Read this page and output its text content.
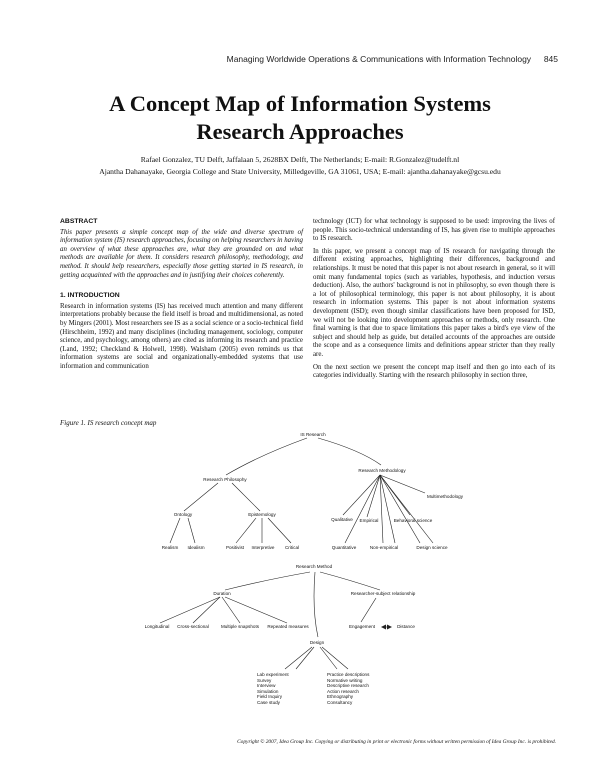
Managing Worldwide Operations & Communications with Information Technology 845
A Concept Map of Information Systems
Research Approaches
Rafael Gonzalez, TU Delft, Jaffalaan 5, 2628BX Delft, The Netherlands; E-mail: R.Gonzalez@tudelft.nl
Ajantha Dahanayake, Georgia College and State University, Milledgeville, GA 31061, USA; E-mail: ajantha.dahanayake@gcsu.edu
ABSTRACT

This paper presents a simple concept map of the wide and diverse spectrum of information system (IS) research approaches, focusing on helping researchers in having an overview of what these approaches are, what they are grounded on and what methods are available for them. It considers research philosophy, methodology, and method. It should help researchers, especially those getting started in IS research, in getting acquainted with the approaches and in justifying their choices coherently.

1. INTRODUCTION

Research in information systems (IS) has received much attention and many different interpretations probably because the field itself is broad and multidimensional, as noted by Mingers (2001). Most researchers see IS as a social science or a socio-technical field (Hirschheim, 1992) and many disciplines (including management, sociology, computer science, and psychology, among others) are cited as informing its research and practice (Land, 1992; Checkland & Holwell, 1998). Walsham (2005) even reminds us that information systems are social and organizationally-embedded systems that use information and communication

technology (ICT) for what technology is supposed to be used: improving the lives of people. This socio-technical understanding of IS, has given rise to multiple approaches to IS research.

In this paper, we present a concept map of IS research for navigating through the different existing approaches, highlighting their differences, background and relationships. It must be noted that this paper is not about research in general, so it will omit many fundamental topics (such as variables, hypothesis, and induction versus deduction). Also, the authors' background is not in philosophy, so even though there is a lot of philosophical terminology, this paper is not about philosophy, it is about research in information systems. This paper is not about information systems development (ISD); even though similar classifications have been proposed for ISD, we will not be looking into development approaches or methods, only research. One final warning is that due to space limitations this paper takes a bird's eye view of the subject and should help as guide, but detailed accounts of the approaches are outside the scope and as a consequence limits and definitions appear stricter than they really are.

On the next section we present the concept map itself and then go into each of its categories individually. Starting with the research philosophy in section three,

Figure 1. IS research concept map
IS Research
Research Philosophy
Ontology	Epistemology
Realism Idealism	Positivist Interpretive Critical
Research Methodology
Multimethodology
Qualitative Empirical	Behavioral science
Quantitative	Non-empirical	Design science
Research Method
Duration
Longitudinal Cross-sectional	Multiple snapshots Repeated measures
Researcher-subject relationship
Engagement	Distance
Design
Lab experiment
Survey
Interview
Simulation
Field Inquiry
Case study
Practice descriptions
Normative writing
Descriptive research
Action research
Ethnography
Consultancy
Copyright © 2007, Idea Group Inc. Copying or distributing in print or electronic forms without written permission of Idea Group Inc. is prohibited.
